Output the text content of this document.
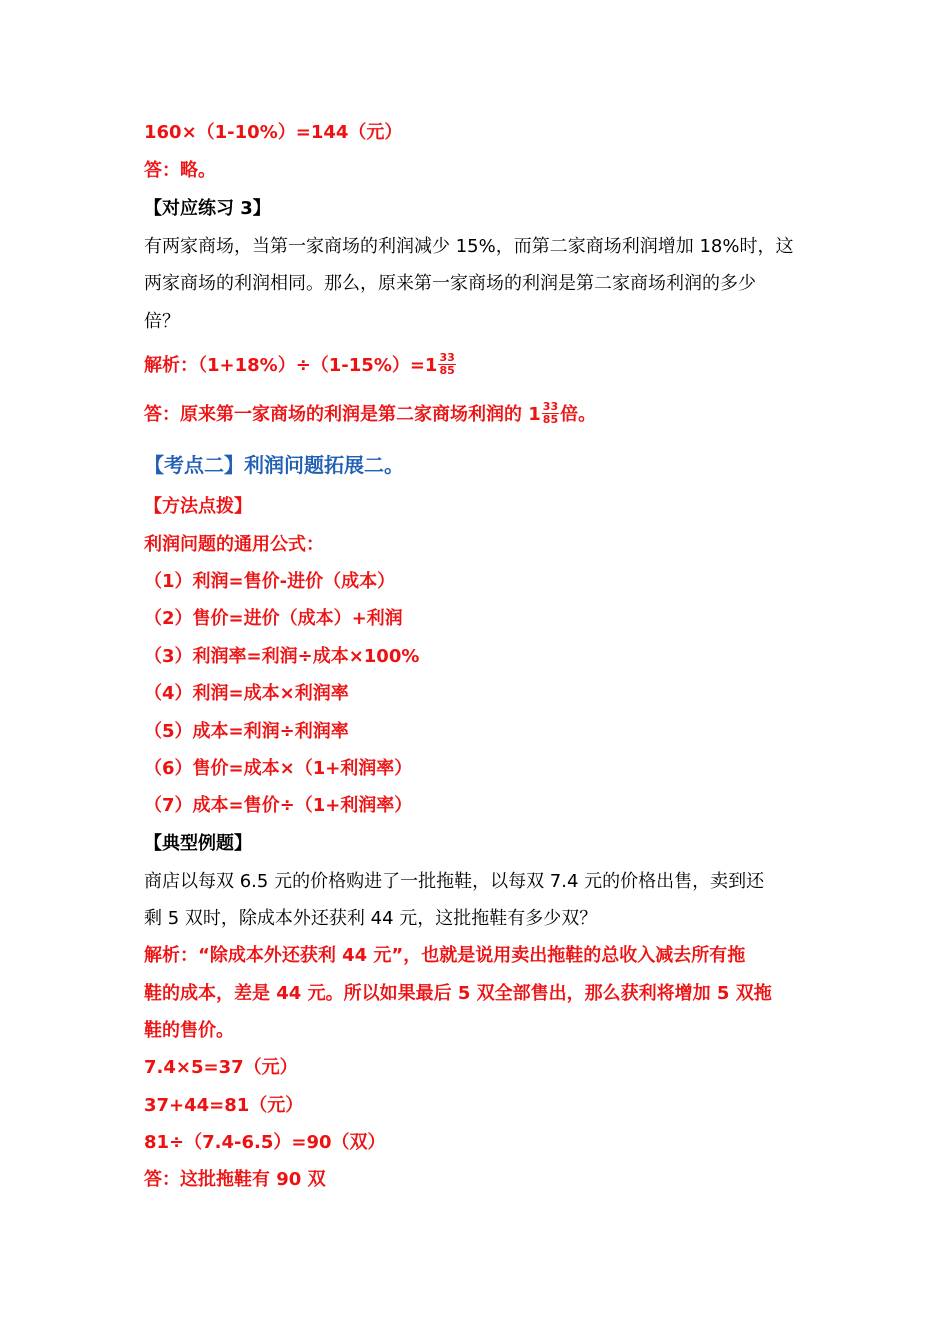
160×（1-10%）=144（元）
答：略。
【对应练习 3】
有两家商场，当第一家商场的利润减少 15%，而第二家商场利润增加 18%时，这
两家商场的利润相同。那么，原来第一家商场的利润是第二家商场利润的多少
倍？
解析：$(1+18\%)\div(1-15\%)=1 \frac{33}{85}$
答：原来第一家商场的利润是第二家商场利润的 $1 \frac{33}{85}$ 倍。
【考点二】利润问题拓展二。
【方法点拨】
利润问题的通用公式：
（1）利润=售价-进价（成本）
（2）售价=进价（成本）+利润
（3）利润率=利润÷成本×100%
（4）利润=成本×利润率
（5）成本=利润÷利润率
（6）售价=成本×（1+利润率）
（7）成本=售价÷（1+利润率）
【典型例题】
商店以每双 6.5 元的价格购进了一批拖鞋，以每双 7.4 元的价格出售，卖到还
剩 5 双时，除成本外还获利 44 元，这批拖鞋有多少双？
解析：“除成本外还获利 44 元”，也就是说用卖出拖鞋的总收入减去所有拖
鞋的成本，差是 44 元。所以如果最后 5 双全部售出，那么获利将增加 5 双拖
鞋的售价。
7.4×5=37（元）
37+44=81（元）
81÷（7.4-6.5）=90（双）
答：这批拖鞋有 90 双
